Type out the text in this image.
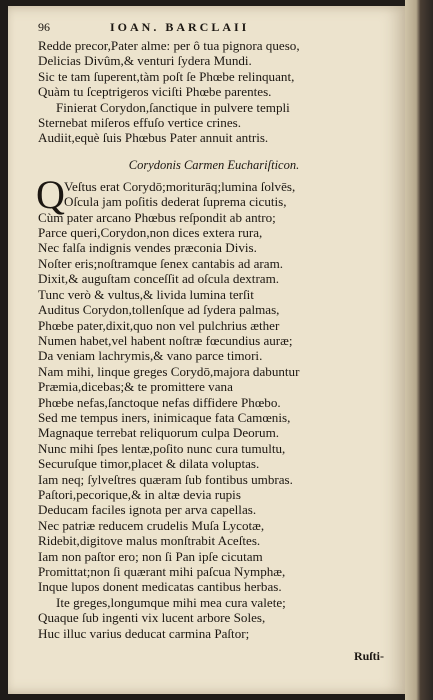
96	IOAN. BARCLAII
Redde precor,Pater alme: per ô tua pignora queso,
Delicias Divûm,& venturi ſydera Mundi.
Sic te tam ſuperent,tàm poſt ſe Phœbe relinquant,
Quàm tu ſceptrigeros viciſti Phœbe parentes.
Finierat Corydon,ſanctique in pulvere templi
Sternebat miſeros effuſo vertice crines.
Audiit,equè ſuis Phœbus Pater annuit antris.
Corydonis Carmen Euchariſticon.
Q Veſtus erat Corydō;moriturāq;lumina ſolvēs,
Oſcula jam poſitis dederat ſuprema cicutis,
Cùm pater arcano Phœbus reſpondit ab antro;
Parce queri,Corydon,non dices extera rura,
Nec falſa indignis vendes præconia Divis.
Noſter eris;noſtramque ſenex cantabis ad aram.
Dixit,& auguſtam conceſſit ad oſcula dextram.
Tunc verò & vultus,& livida lumina terſit
Auditus Corydon,tollenſque ad ſydera palmas,
Phœbe pater,dixit,quo non vel pulchrius æther
Numen habet,vel habent noſtræ fœcundius auræ;
Da veniam lachrymis,& vano parce timori.
Nam mihi, linque greges Corydō,majora dabuntur
Præmia,dicebas;& te promittere vana
Phœbe nefas,ſanctoque nefas diffidere Phœbo.
Sed me tempus iners, inimicaque fata Camœnis,
Magnaque terrebat reliquorum culpa Deorum.
Nunc mihi ſpes lentæ,poſito nunc cura tumultu,
Securuſque timor,placet & dilata voluptas.
Iam neq; ſylveſtres quæram ſub fontibus umbras.
Paſtori,pecorique,& in altæ devia rupis
Deducam faciles ignota per arva capellas.
Nec patriæ reducem crudelis Muſa Lycotæ,
Ridebit,digitove malus monſtrabit Aceſtes.
Iam non paſtor ero; non ſi Pan ipſe cicutam
Promittat;non ſi quærant mihi paſcua Nymphæ,
Inque lupos donent medicatas cantibus herbas.
Ite greges,longumque mihi mea cura valete;
Quaque ſub ingenti vix lucent arbore Soles,
Huc illuc varius deducat carmina Paſtor;
Ruſti-
